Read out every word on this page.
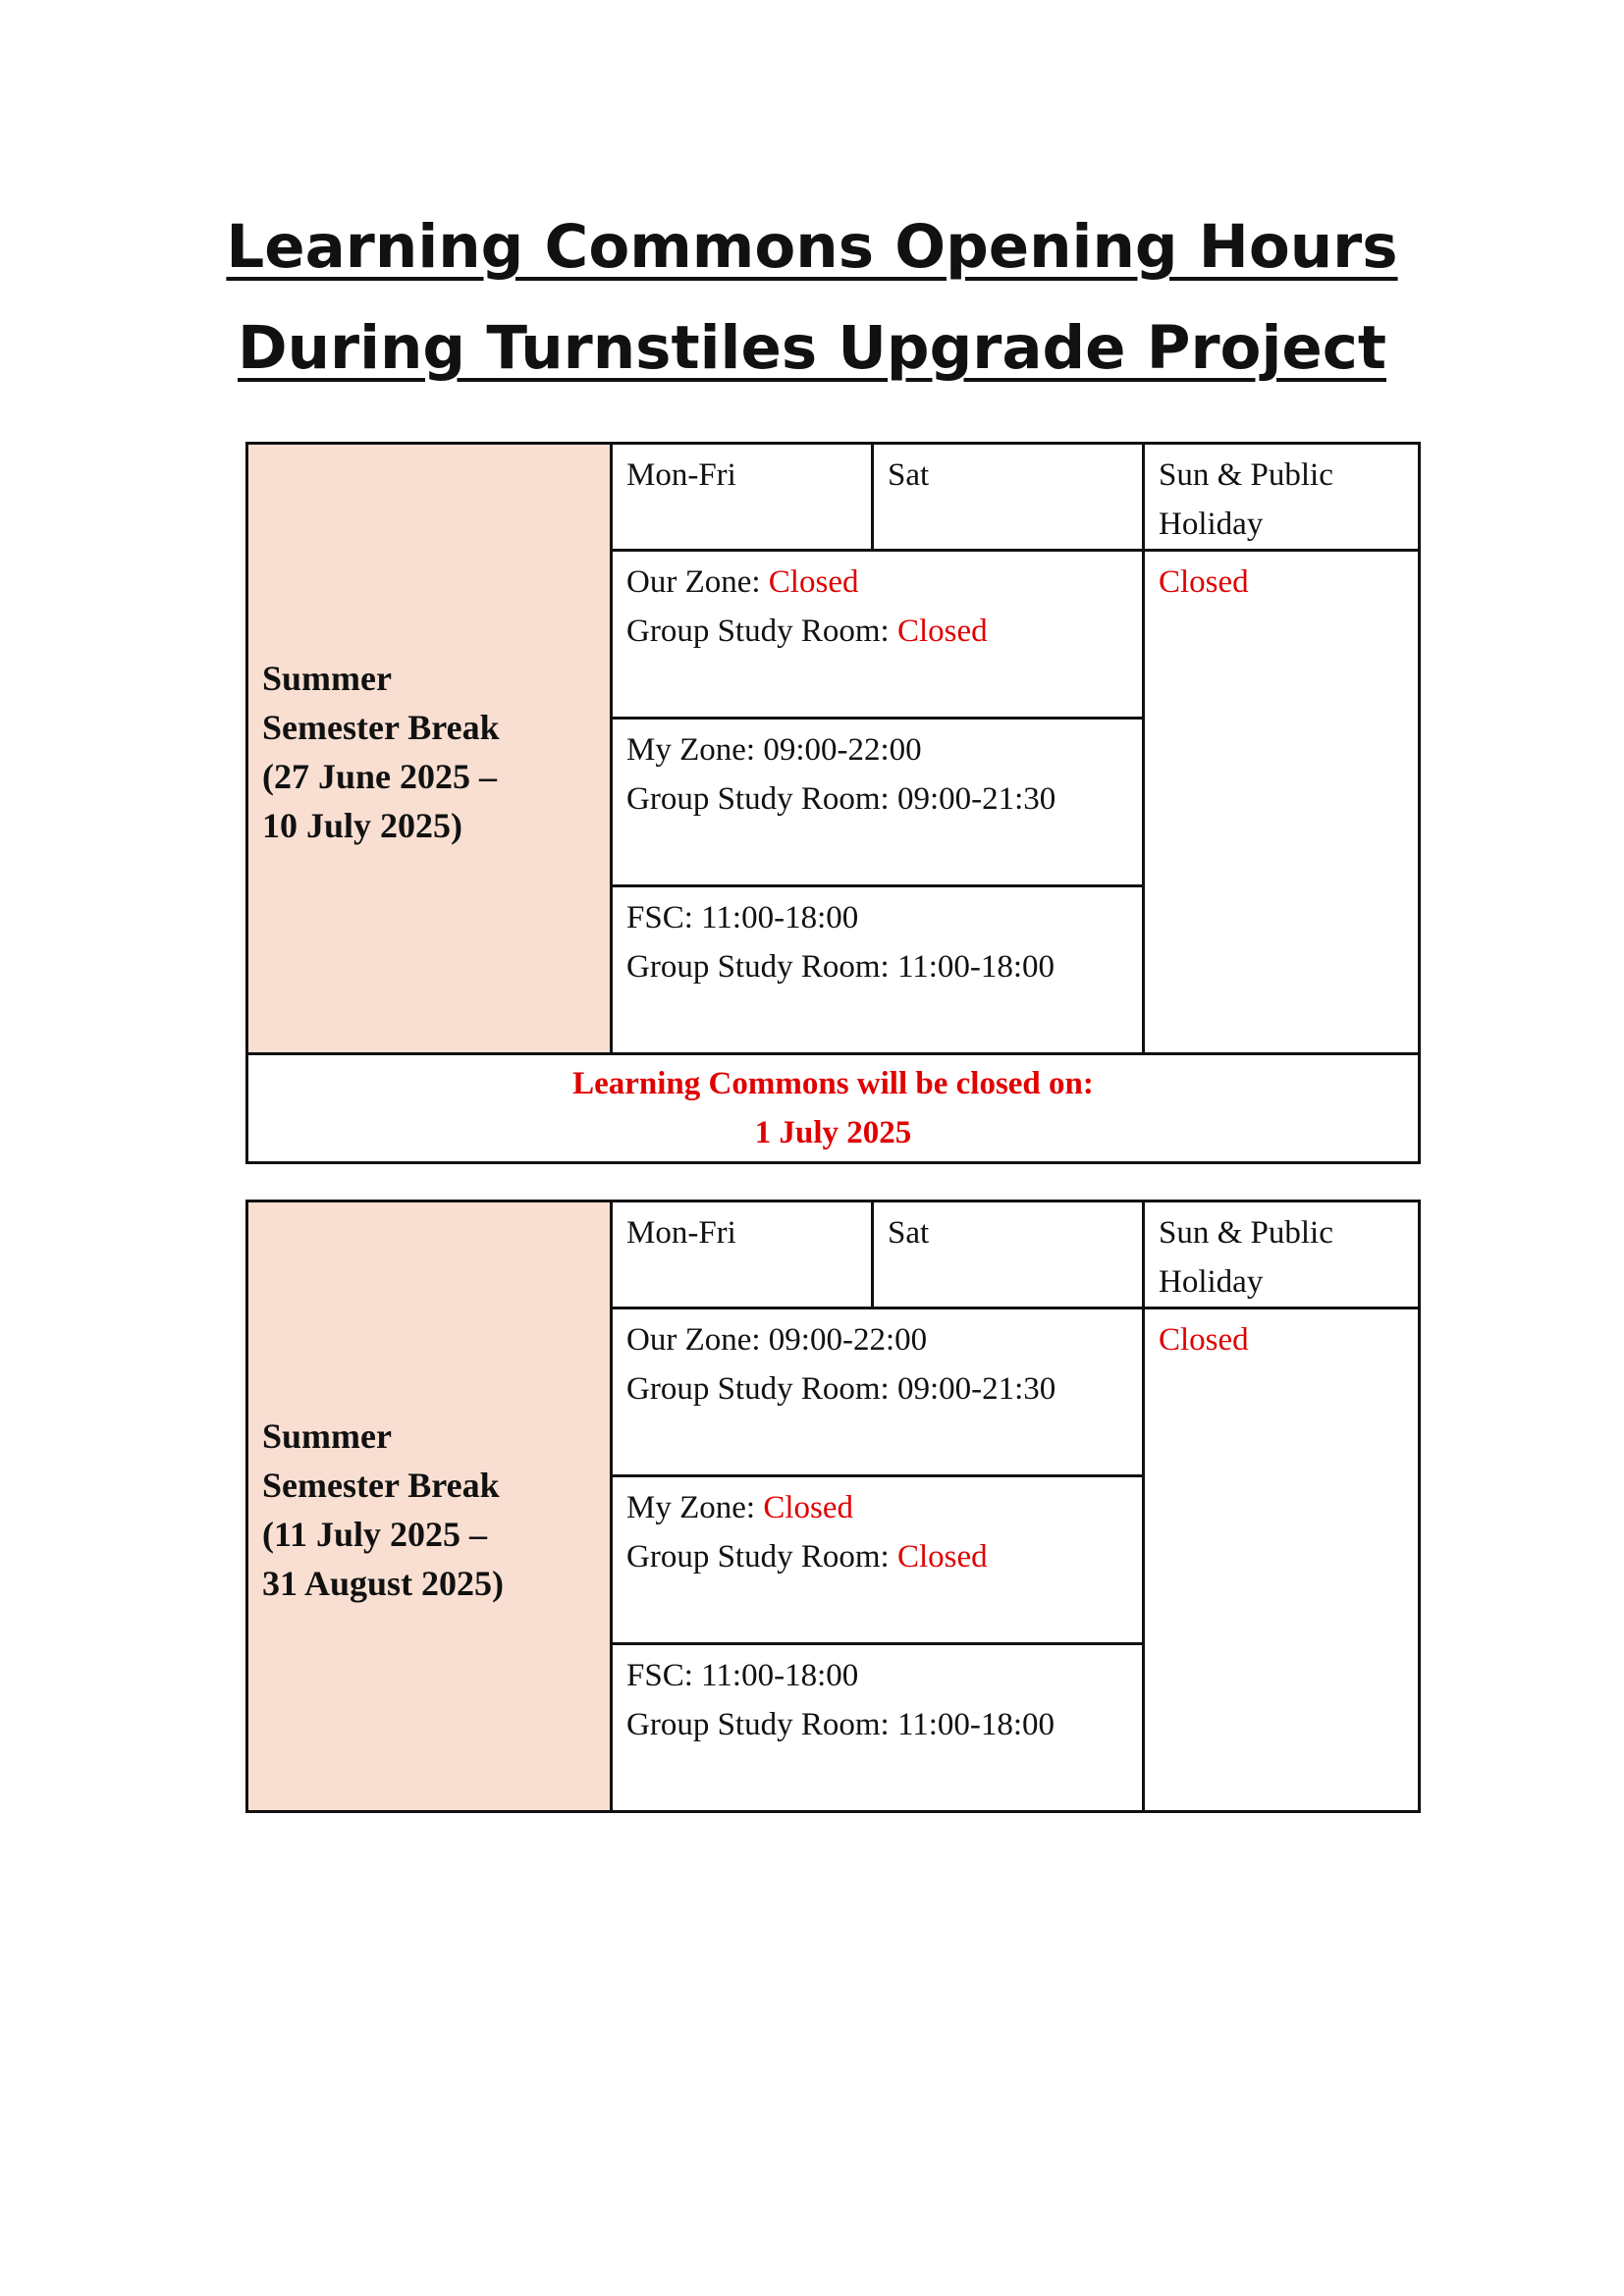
Learning Commons Opening Hours
During Turnstiles Upgrade Project
Summer
Semester Break
(27 June 2025 –
10 July 2025)	Mon-Fri	Sat	Sun & Public Holiday

	Our Zone: Closed
Group Study Room: Closed		Closed

	My Zone: 09:00-22:00
Group Study Room: 09:00-21:30		

	FSC: 11:00-18:00
Group Study Room: 11:00-18:00		

Learning Commons will be closed on:
1 July 2025			
Summer
Semester Break
(11 July 2025 –
31 August 2025)	Mon-Fri	Sat	Sun & Public Holiday

	Our Zone: 09:00-22:00
Group Study Room: 09:00-21:30		Closed

	My Zone: Closed
Group Study Room: Closed		

	FSC: 11:00-18:00
Group Study Room: 11:00-18:00		
